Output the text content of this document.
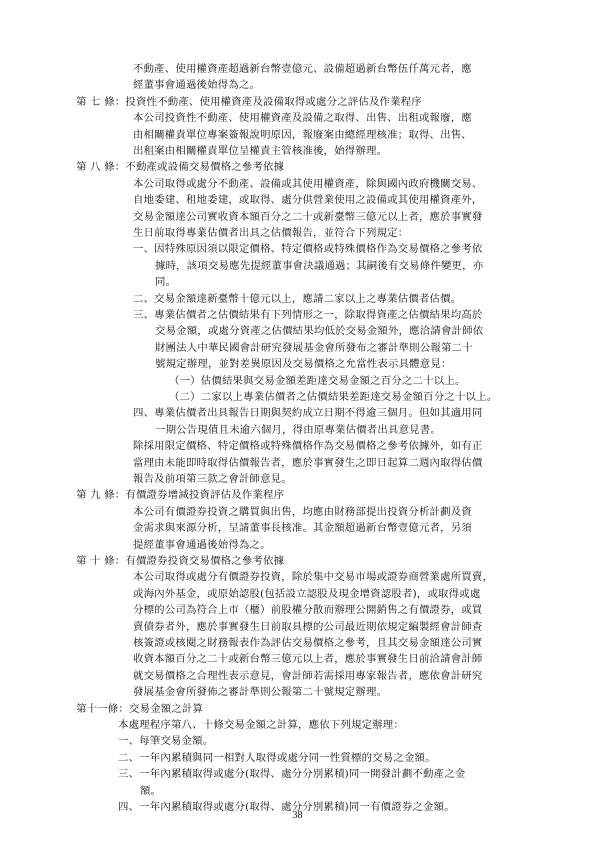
不動產、使用權資產超過新台幣壹億元、設備超過新台幣伍仟萬元者，應
經董事會通過後始得為之。
第 七 條：投資性不動產、使用權資產及設備取得或處分之評估及作業程序
本公司投資性不動產、使用權資產及設備之取得、出售、出租或報廢，應
由相關權責單位專案簽報說明原因，報廢案由總經理核准；取得、出售、
出租案由相關權責單位呈權責主管核准後，始得辦理。
第 八 條：不動產或設備交易價格之參考依據
本公司取得或處分不動產、設備或其使用權資產，除與國內政府機關交易、
自地委建、租地委建，或取得、處分供營業使用之設備或其使用權資產外，
交易金額達公司實收資本額百分之二十或新臺幣三億元以上者，應於事實發
生日前取得專業估價者出具之估價報告，並符合下列規定：
一、因特殊原因須以限定價格、特定價格或特殊價格作為交易價格之參考依
據時，該項交易應先提經董事會決議通過；其嗣後有交易條件變更，亦
同。
二、交易金額達新臺幣十億元以上，應請二家以上之專業估價者估價。
三、專業估價者之估價結果有下列情形之一，除取得資產之估價結果均高於
交易金額，或處分資產之估價結果均低於交易金額外，應洽請會計師依
財團法人中華民國會計研究發展基金會所發布之審計準則公報第二十
號規定辦理，並對差異原因及交易價格之允當性表示具體意見：
（一）估價結果與交易金額差距達交易金額之百分之二十以上。
（二）二家以上專業估價者之估價結果差距達交易金額百分之十以上。
四、專業估價者出具報告日期與契約成立日期不得逾三個月。但如其適用同
一期公告現值且未逾六個月，得由原專業估價者出具意見書。
除採用限定價格、特定價格或特殊價格作為交易價格之參考依據外，如有正
當理由未能即時取得估價報告者，應於事實發生之即日起算二週內取得估價
報告及前項第三款之會計師意見。
第 九 條：有價證券增減投資評估及作業程序
本公司有價證券投資之購買與出售，均應由財務部提出投資分析計劃及資
金需求與來源分析，呈請董事長核准。其金額超過新台幣壹億元者，另須
提經董事會通過後始得為之。
第 十 條：有價證券投資交易價格之參考依據
本公司取得或處分有價證券投資，除於集中交易市場或證券商營業處所買賣，
或海內外基金，或原始認股(包括設立認股及現金增資認股者)，或取得或處
分標的公司為符合上市（櫃）前股權分散而辦理公開銷售之有價證券，或買
賣債券者外，應於事實發生日前取具標的公司最近期依規定編製經會計師查
核簽證或核閱之財務報表作為評估交易價格之參考，且其交易金額達公司實
收資本額百分之二十或新台幣三億元以上者，應於事實發生日前洽請會計師
就交易價格之合理性表示意見，會計師若需採用專家報告者，應依會計研究
發展基金會所發佈之審計準則公報第二十號規定辦理。
第十一條：交易金額之計算
本處理程序第八、十條交易金額之計算，應依下列規定辦理：
一、每筆交易金額。
二、一年內累積與同一相對人取得或處分同一性質標的交易之金額。
三、一年內累積取得或處分(取得、處分分別累積)同一開發計劃不動產之金
額。
四、一年內累積取得或處分(取得、處分分別累積)同一有價證券之金額。
38
